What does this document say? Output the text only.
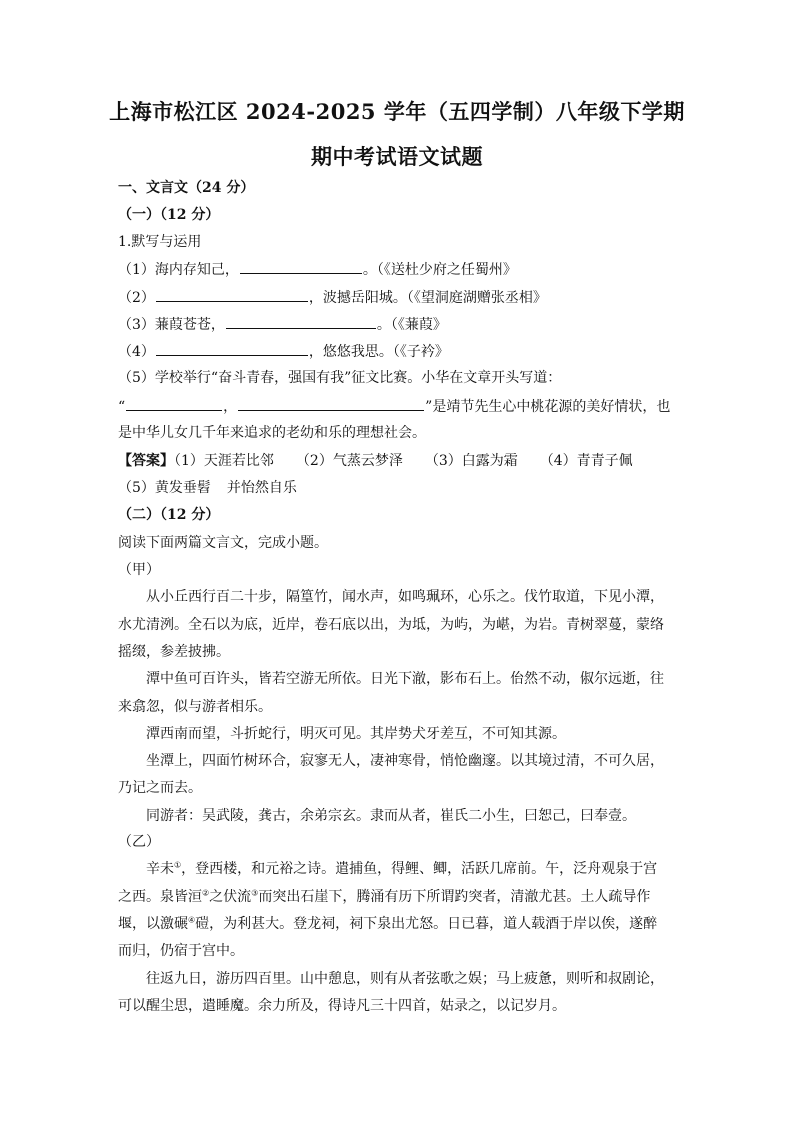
上海市松江区 2024-2025 学年（五四学制）八年级下学期
期中考试语文试题
一、文言文（24 分）
（一）（12 分）
1.默写与运用
（1）海内存知己，	。（《送杜少府之任蜀州》
（2）	，波撼岳阳城。（《望洞庭湖赠张丞相》
（3）蒹葭苍苍，	。（《蒹葭》
（4）	，悠悠我思。（《子衿》
（5）学校举行“奋斗青春，强国有我”征文比赛。小华在文章开头写道：
“	，	”是靖节先生心中桃花源的美好情状，也
是中华儿女几千年来追求的老幼和乐的理想社会。
【答案】（1）天涯若比邻 （2）气蒸云梦泽 （3）白露为霜 （4）青青子佩
（5）黄发垂髫 并怡然自乐
（二）（12 分）
阅读下面两篇文言文，完成小题。
（甲）
从小丘西行百二十步，隔篁竹，闻水声，如鸣珮环，心乐之。伐竹取道，下见小潭，
水尤清洌。全石以为底，近岸，卷石底以出，为坻，为屿，为嵁，为岩。青树翠蔓，蒙络
摇缀，参差披拂。
潭中鱼可百许头，皆若空游无所依。日光下澈，影布石上。佁然不动，俶尔远逝，往
来翕忽，似与游者相乐。
潭西南而望，斗折蛇行，明灭可见。其岸势犬牙差互，不可知其源。
坐潭上，四面竹树环合，寂寥无人，凄神寒骨，悄怆幽邃。以其境过清，不可久居，
乃记之而去。
同游者：吴武陵，龚古，余弟宗玄。隶而从者，崔氏二小生，曰恕己，曰奉壹。
（乙）
辛未①，登西楼，和元裕之诗。遣捕鱼，得鲤、鲫，活跃几席前。午，泛舟观泉于宫
之西。泉皆洹②之伏流③而突出石崖下，腾涌有历下所谓趵突者，清澈尤甚。土人疏导作
堰，以激碾④磑，为利甚大。登龙祠，祠下泉出尤怒。日已暮，道人载酒于岸以俟，遂醉
而归，仍宿于宫中。
往返九日，游历四百里。山中憩息，则有从者弦歌之娱；马上疲惫，则听和叔剧论，
可以醒尘思，遣睡魔。余力所及，得诗凡三十四首，姑录之，以记岁月。
